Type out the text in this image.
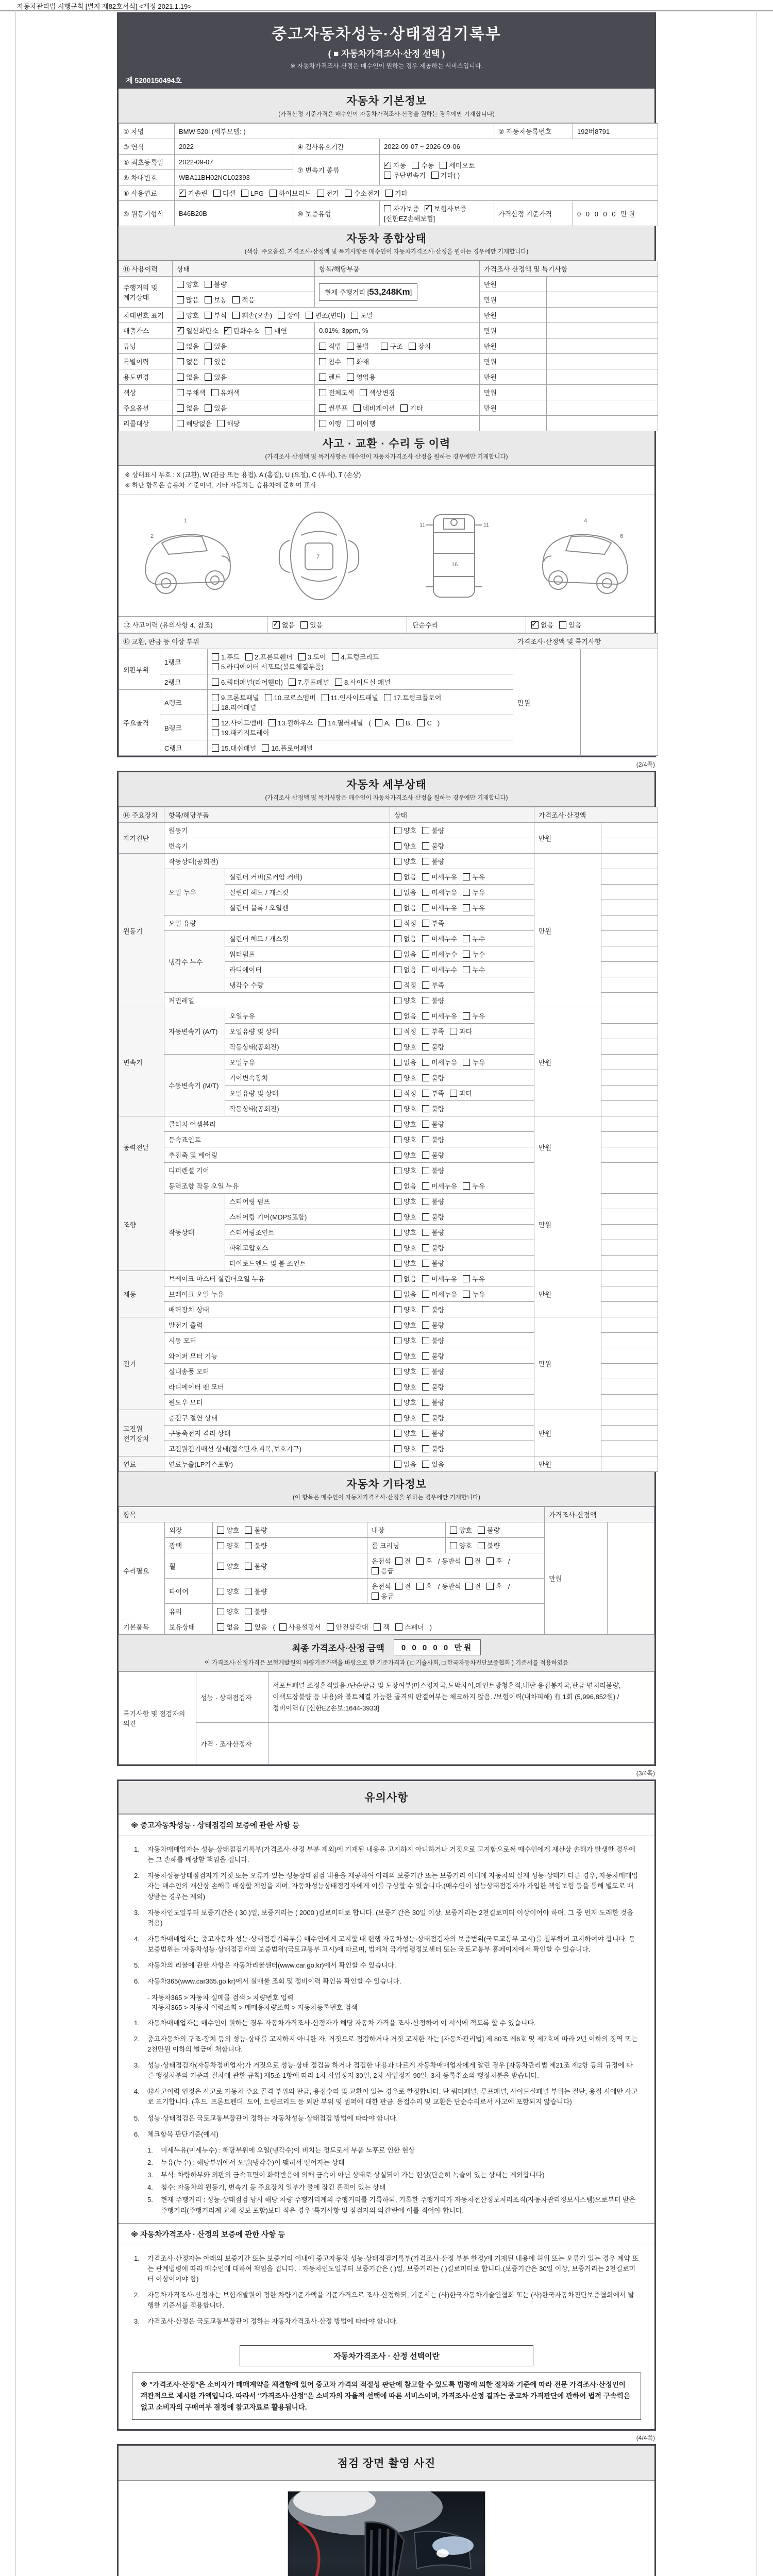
자동차관리법 시행규칙 [별지 제82호서식] <개정 2021.1.19>
중고자동차성능·상태점검기록부
( ■ 자동차가격조사·산정 선택 )
※ 자동차가격조사·산정은 매수인이 원하는 경우 제공하는 서비스입니다.
제 5200150494호
자동차 기본정보
(가격산정 기준가격은 매수인이 자동차가격조사·산정을 원하는 경우에만 기재합니다)
① 차명	BMW 520i (세부모델: )			② 자동차등록번호	192버8791
③ 연식	2022	④ 검사유효기간	2022-09-07 ~ 2026-09-06		
⑤ 최초등록일	2022-09-07	⑦ 변속기 종류	✓자동 수동 세미오토
무단변속기 기타( )
⑥ 차대번호	WBA11BH02NCL02393				
⑧ 사용연료	✓가솔린 디젤 LPG 하이브리드 전기 수소전기 기타
⑨ 원동기형식	B46B20B	⑩ 보증유형	자가보증 ✓ 보험사보증[신한EZ손해보험]	가격산정 기준가격	0 0 0 0 0 만원
자동차 종합상태
(색상, 주요옵션, 가격조사·산정액 및 특기사항은 매수인이 자동차가격조사·산정을 원하는 경우에만 기재합니다)
⑪ 사용이력	상태	항목/해당부품	가격조사·산정액 및 특기사항	
주행거리 및 계기상태	양호 불량	현재 주행거리 [53,248Km]	만원	
	많음 보통 적음		만원	
차대번호 표기	양호 부식 훼손(오손) 상이 변조(변타) 도말		만원	
배출가스	✓일산화탄소 ✓ 탄화수소 매연	0.01%, 3ppm, %	만원	
튜닝	없음 있음	적법 불법 구조 장치	만원	
특별이력	없음 있음	침수 화재	만원	
용도변경	없음 있음	렌트 영업용	만원	
색상	무채색 유채색	전체도색 색상변경	만원	
주요옵션	없음 있음	썬루프 네비게이션 기타	만원	
리콜대상	해당없음 해당	이행 미이행		
사고 · 교환 · 수리 등 이력
(가격조사·산정액 및 특기사항은 매수인이 자동차가격조사·산정을 원하는 경우에만 기재합니다)
※ 상태표시 부호 : X (교환), W (판금 또는 용접), A (흠집), U (요철), C (부식), T (손상)
※ 하단 항목은 승용차 기준이며, 기타 자동차는 승용차에 준하여 표시
1
2
7
11	11
16
4
6
⑫ 사고이력 (유의사항 4. 참조) ✓	없음 있음	단순수리 ✓	없음 있음
⑬ 교환, 판금 등 이상 부위			가격조사·산정액 및 특기사항	
외판부위	1랭크	1.후드 2.프론트휀더 3.도어 4.트렁크리드
5.라디에이터 서포트(볼트체결부품)	만원	
	2랭크	6.쿼터패널(리어휀더) 7.루프패널 8.사이드실 패널		
주요골격	A랭크	9.프론트패널 10.크로스멤버 11.인사이드패널 17.트렁크플로어
18.리어패널		
	B랭크	12.사이드멤버 13.휠하우스 14.필러패널 ( A, B, C )
19.패키지트레이		
	C랭크	15.대쉬패널 16.플로어패널		
(2/4쪽)
자동차 세부상태
(가격조사·산정액 및 특기사항은 매수인이 자동차가격조사·산정을 원하는 경우에만 기재합니다)
⑭ 주요장치	항목/해당부품		상태	가격조사·산정액	
자기진단	원동기		양호 불량	만원	
	변속기		양호 불량		
원동기	작동상태(공회전)		양호 불량	만원	
	오일 누유	실린더 커버(로커암 커버)	없음 미세누유 누유		
		실린더 헤드 / 개스킷	없음 미세누유 누유		
		실린더 블록 / 오일팬	없음 미세누유 누유		
	오일 유량		적정 부족		
	냉각수 누수	실린더 헤드 / 개스킷	없음 미세누수 누수		
		워터펌프	없음 미세누수 누수		
		라디에이터	없음 미세누수 누수		
		냉각수 수량	적정 부족		
	커먼레일		양호 불량		
변속기	자동변속기 (A/T)	오일누유	없음 미세누유 누유	만원	
		오일유량 및 상태	적정 부족 과다		
		작동상태(공회전)	양호 불량		
	수동변속기 (M/T)	오일누유	없음 미세누유 누유		
		기어변속장치	양호 불량		
		오일유량 및 상태	적정 부족 과다		
		작동상태(공회전)	양호 불량		
동력전달	클러치 어셈블리		양호 불량	만원	
	등속죠인트		양호 불량		
	추진축 및 베어링		양호 불량		
	디퍼렌셜 기어		양호 불량		
조향	동력조향 작동 오일 누유		없음 미세누유 누유	만원	
	작동상태	스티어링 펌프	양호 불량		
		스티어링 기어(MDPS포함)	양호 불량		
		스티어링조인트	양호 불량		
		파워고압호스	양호 불량		
		타이로드엔드 및 볼 조인트	양호 불량		
제동	브레이크 마스터 실린더오일 누유		없음 미세누유 누유	만원	
	브레이크 오일 누유		없음 미세누유 누유		
	배력장치 상태		양호 불량		
전기	발전기 출력		양호 불량	만원	
	시동 모터		양호 불량		
	와이퍼 모터 기능		양호 불량		
	실내송풍 모터		양호 불량		
	라디에이터 팬 모터		양호 불량		
	윈도우 모터		양호 불량		
고전원 전기장치	충전구 절연 상태		양호 불량	만원	
	구동축전지 격리 상태		양호 불량		
	고전원전기배선 상태(접속단자,피복,보호기구)		양호 불량		
연료	연료누출(LP가스포함)		없음 있음	만원	
자동차 기타정보
(이 항목은 매수인이 자동차가격조사·산정을 원하는 경우에만 기재합니다)
항목					가격조사·산정액	
수리필요	외장	양호 불량	내장	양호 불량	만원	
	광택	양호 불량	룸 크리닝	양호 불량		
	휠	양호 불량	운전석 전 후 / 동반석 전 후 /응급			
	타이어	양호 불량	운전석 전 후 / 동반석 전 후 /응급			
	유리	양호 불량				
기본품목	보유상태	없음 있음 ( 사용설명서 안전삼각대 잭 스패너 )				
최종 가격조사·산정 금액	0 0 0 0 0 만원
이 가격조사·산정가격은 보험개발원의 차량기준가액을 바탕으로 한 기준가격과 ( □ 기술사회, □ 한국자동차진단보증협회 ) 기준서를 적용하였음
특기사항 및 점검자의 의견	성능 · 상태점검자	서포트패널 조정흔적있음 /단순판금 및 도장여부(마스킹자국,도막차이,페인트방청흔적,내판 용접봉자국,판금 면처리불량, 이색도장불량 등 내용)와 볼트체결 가능한 골격의 판결여부는 체크하지 않음. /보험이력(내차피해) 有 1회 (5,996,852원) /정비이력有 [신한EZ손보:1644-3933]
	가격 · 조사산정자	
(3/4쪽)
유의사항
※ 중고자동차성능 · 상태점검의 보증에 관한 사항 등
1.	자동차매매업자는 성능·상태점검기록부(가격조사·산정 부분 제외)에 기재된 내용을 고지하지 아니하거나 거짓으로 고지함으로써 매수인에게 재산상 손해가 발생한 경우에는 그 손해를 배상할 책임을 집니다.
2.	자동차성능상태점검자가 거짓 또는 오류가 있는 성능상태점검 내용을 제공하여 아래의 보증기간 또는 보증거리 이내에 자동차의 실제 성능·상태가 다른 경우, 자동차매매업자는 매수인의 재산상 손해를 배상할 책임을 지며, 자동차성능상태점검자에게 이를 구상할 수 있습니다.(매수인이 성능상태점검자가 가입한 책임보험 등을 통해 별도로 배상받는 경우는 제외)
3.	자동차인도일부터 보증기간은 ( 30 )일, 보증거리는 ( 2000 )킬로미터로 합니다. (보증기간은 30일 이상, 보증거리는 2천킬로미터 이상이어야 하며, 그 중 먼저 도래한 것을 적용)
4.	자동차매매업자는 중고자동차 성능·상태점검기록부를 매수인에게 고지할 때 현행 자동차성능·상태점검자의 보증범위(국토교통부 고시)를 첨부하여 고지하여야 합니다. 동 보증범위는 '자동차성능·상태점검자의 보증범위'(국토교통부 고시)에 따르며, 법제처 국가법령정보센터 또는 국토교통부 홈페이지에서 확인할 수 있습니다.
5.	자동차의 리콜에 관한 사항은 자동차리콜센터(www.car.go.kr)에서 확인할 수 있습니다.
6.	자동차365(www.car365.go.kr)에서 실매물 조회 및 정비이력 확인을 확인할 수 있습니다.
- 자동차365 > 자동차 실매물 검색 > 차량번호 입력
- 자동차365 > 자동차 이력조회 > 매매용차량조회 > 자동차등록번호 검색
1.	자동차매매업자는 매수인이 원하는 경우 자동차가격조사·산정자가 해당 자동차 가격을 조사·산정하여 이 서식에 적도록 할 수 있습니다.
2.	중고자동차의 구조·장치 등의 성능·상태를 고지하지 아니한 자, 거짓으로 점검하거나 거짓 고지한 자는 [자동차관리법] 제 80조 제6호 및 제7호에 따라 2년 이하의 징역 또는 2천만원 이하의 벌금에 처합니다.
3.	성능·상태점검자(자동차정비업자)가 거짓으로 성능·상태 점검을 하거나 점검한 내용과 다르게 자동차매매업자에게 알린 경우 [자동차관리법 제21조 제2항 등의 규정에 따른 행정처분의 기준과 절차에 관한 규칙] 제5조 1항에 따라 1차 사업정지 30일, 2차 사업정지 90일, 3차 등록취소의 행정처분을 받습니다.
4.	⑫사고이력 인정은 사고로 자동차 주요 골격 부위의 판금, 용접수리 및 교환이 있는 경우로 한정합니다. 단 쿼터패널, 루프패널, 사이드실패널 부위는 절단, 용접 시에만 사고로 표기합니다. (후드, 프론트펜더, 도어, 트렁크리드 등 외판 부위 및 범퍼에 대한 판금, 용접수리 및 교환은 단순수리로서 사고에 포함되지 않습니다)
5.	성능·상태점검은 국토교통부장관이 정하는 자동차성능·상태점검 방법에 따라야 합니다.
6.	체크항목 판단기준(예시)
1.	미세누유(미세누수) : 해당부위에 오일(냉각수)이 비치는 정도로서 부품 노후로 인한 현상
2.	누유(누수) : 해당부위에서 오일(냉각수)이 맺혀서 떨어지는 상태
3.	부식: 차량하부와 외판의 금속표면이 화학반응에 의해 금속이 아닌 상태로 상실되어 가는 현상(단순히 녹슬어 있는 상태는 제외합니다)
4.	침수: 자동차의 원동기, 변속기 등 주요장치 일부가 물에 잠긴 흔적이 있는 상태
5.	현재 주행거리 : 성능·상태점검 당시 해당 차량 주행거리계의 주행거리를 기록하되, 기록한 주행거리가 자동차전산정보처리조직(자동차관리정보시스템)으로부터 받은 주행거리(주행거리계 교체 정보 포함)보다 적은 경우 '특기사항 및 점검자의 의견'란에 이를 적어야 합니다.
※ 자동차가격조사 · 산정의 보증에 관한 사항 등
1.	가격조사·산정자는 아래의 보증기간 또는 보증거리 이내에 중고자동차 성능·상태점검기록부(가격조사·산정 부분 한정)에 기재된 내용에 허위 또는 오류가 있는 경우 계약 또는 관계법령에 따라 매수인에 대하여 책임을 집니다. · 자동차인도일부터 보증기간은 ( )일, 보증거리는 ( )킬로미터로 합니다.(보증기간은 30일 이상, 보증거리는 2천킬로미터 이상이어야 함)
2.	자동차가격조사·산정자는 보험개발원이 정한 차량기준가액을 기준가격으로 조사·산정하되, 기준서는 (사)한국자동차기술인협회 또는 (사)한국자동차진단보증협회에서 발행한 기준서를 적용합니다.
3.	가격조사·산정은 국토교통부장관이 정하는 자동차가격조사·산정 방법에 따라야 합니다.
자동차가격조사 · 산정 선택이란
※ "가격조사·산정"은 소비자가 매매계약을 체결함에 있어 중고차 가격의 적절성 판단에 참고할 수 있도록 법령에 의한 절차와 기준에 따라 전문 가격조사·산정인이 객관적으로 제시한 가액입니다. 따라서 "가격조사·산정"은 소비자의 자율적 선택에 따른 서비스이며, 가격조사·산정 결과는 중고차 가격판단에 관하여 법적 구속력은 없고 소비자의 구매여부 결정에 참고자료로 활용됩니다.
(4/4쪽)
점검 장면 촬영 사진
